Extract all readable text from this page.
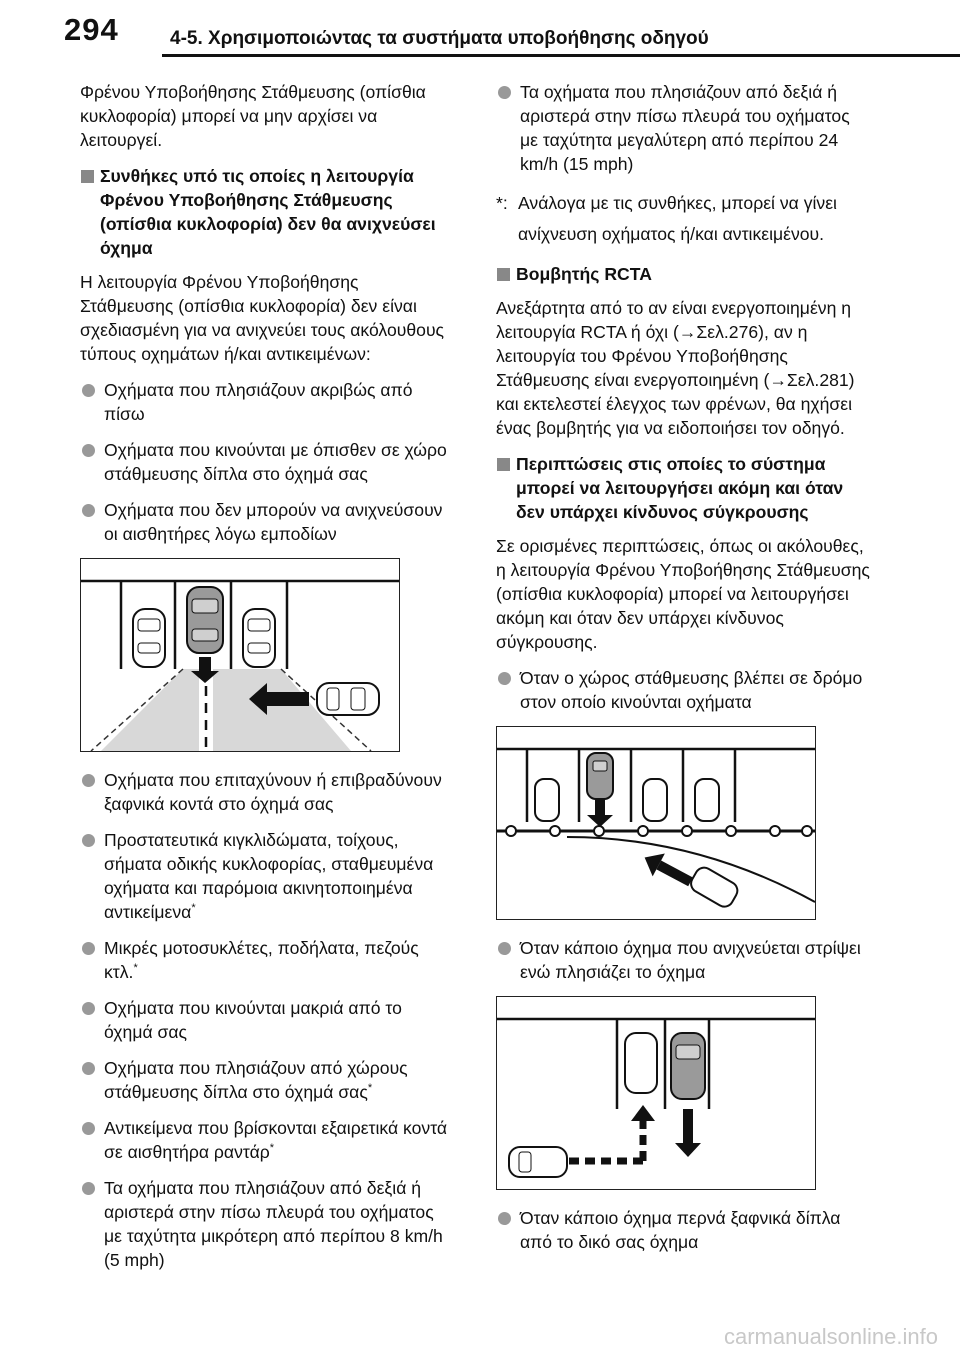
294	4-5. Χρησιμοποιώντας τα συστήματα υποβοήθησης οδηγού

Φρένου Υποβοήθησης Στάθμευσης (οπίσθια κυκλοφορία) μπορεί να μην αρχίσει να λειτουργεί.

Συνθήκες υπό τις οποίες η λειτουργία Φρένου Υποβοήθησης Στάθμευσης (οπίσθια κυκλοφορία) δεν θα ανιχνεύσει όχημα

Η λειτουργία Φρένου Υποβοήθησης Στάθμευσης (οπίσθια κυκλοφορία) δεν είναι σχεδιασμένη για να ανιχνεύει τους ακόλουθους τύπους οχημάτων ή/και αντικειμένων:

Οχήματα που πλησιάζουν ακριβώς από πίσω
Οχήματα που κινούνται με όπισθεν σε χώρο στάθμευσης δίπλα στο όχημά σας
Οχήματα που δεν μπορούν να ανιχνεύσουν οι αισθητήρες λόγω εμποδίων
Οχήματα που επιταχύνουν ή επιβραδύνουν ξαφνικά κοντά στο όχημά σας
Προστατευτικά κιγκλιδώματα, τοίχους, σήματα οδικής κυκλοφορίας, σταθμευμένα οχήματα και παρόμοια ακινητοποιημένα αντικείμενα*
Μικρές μοτοσυκλέτες, ποδήλατα, πεζούς κτλ.*
Οχήματα που κινούνται μακριά από το όχημά σας
Οχήματα που πλησιάζουν από χώρους στάθμευσης δίπλα στο όχημά σας*
Αντικείμενα που βρίσκονται εξαιρετικά κοντά σε αισθητήρα ραντάρ*
Τα οχήματα που πλησιάζουν από δεξιά ή αριστερά στην πίσω πλευρά του οχήματος με ταχύτητα μικρότερη από περίπου 8 km/h (5 mph)
Τα οχήματα που πλησιάζουν από δεξιά ή αριστερά στην πίσω πλευρά του οχήματος με ταχύτητα μεγαλύτερη από περίπου 24 km/h (15 mph)
*: Ανάλογα με τις συνθήκες, μπορεί να γίνει ανίχνευση οχήματος ή/και αντικειμένου.
Βομβητής RCTA

Ανεξάρτητα από το αν είναι ενεργοποιημένη η λειτουργία RCTA ή όχι (→Σελ.276), αν η λειτουργία του Φρένου Υποβοήθησης Στάθμευσης είναι ενεργοποιημένη (→Σελ.281) και εκτελεστεί έλεγχος των φρένων, θα ηχήσει ένας βομβητής για να ειδοποιήσει τον οδηγό.

Περιπτώσεις στις οποίες το σύστημα μπορεί να λειτουργήσει ακόμη και όταν δεν υπάρχει κίνδυνος σύγκρουσης

Σε ορισμένες περιπτώσεις, όπως οι ακόλουθες, η λειτουργία Φρένου Υποβοήθησης Στάθμευσης (οπίσθια κυκλοφορία) μπορεί να λειτουργήσει ακόμη και όταν δεν υπάρχει κίνδυνος σύγκρουσης.

Όταν ο χώρος στάθμευσης βλέπει σε δρόμο στον οποίο κινούνται οχήματα
Όταν κάποιο όχημα που ανιχνεύεται στρίψει ενώ πλησιάζει το όχημα
Όταν κάποιο όχημα περνά ξαφνικά δίπλα από το δικό σας όχημα
carmanualsonline.info
